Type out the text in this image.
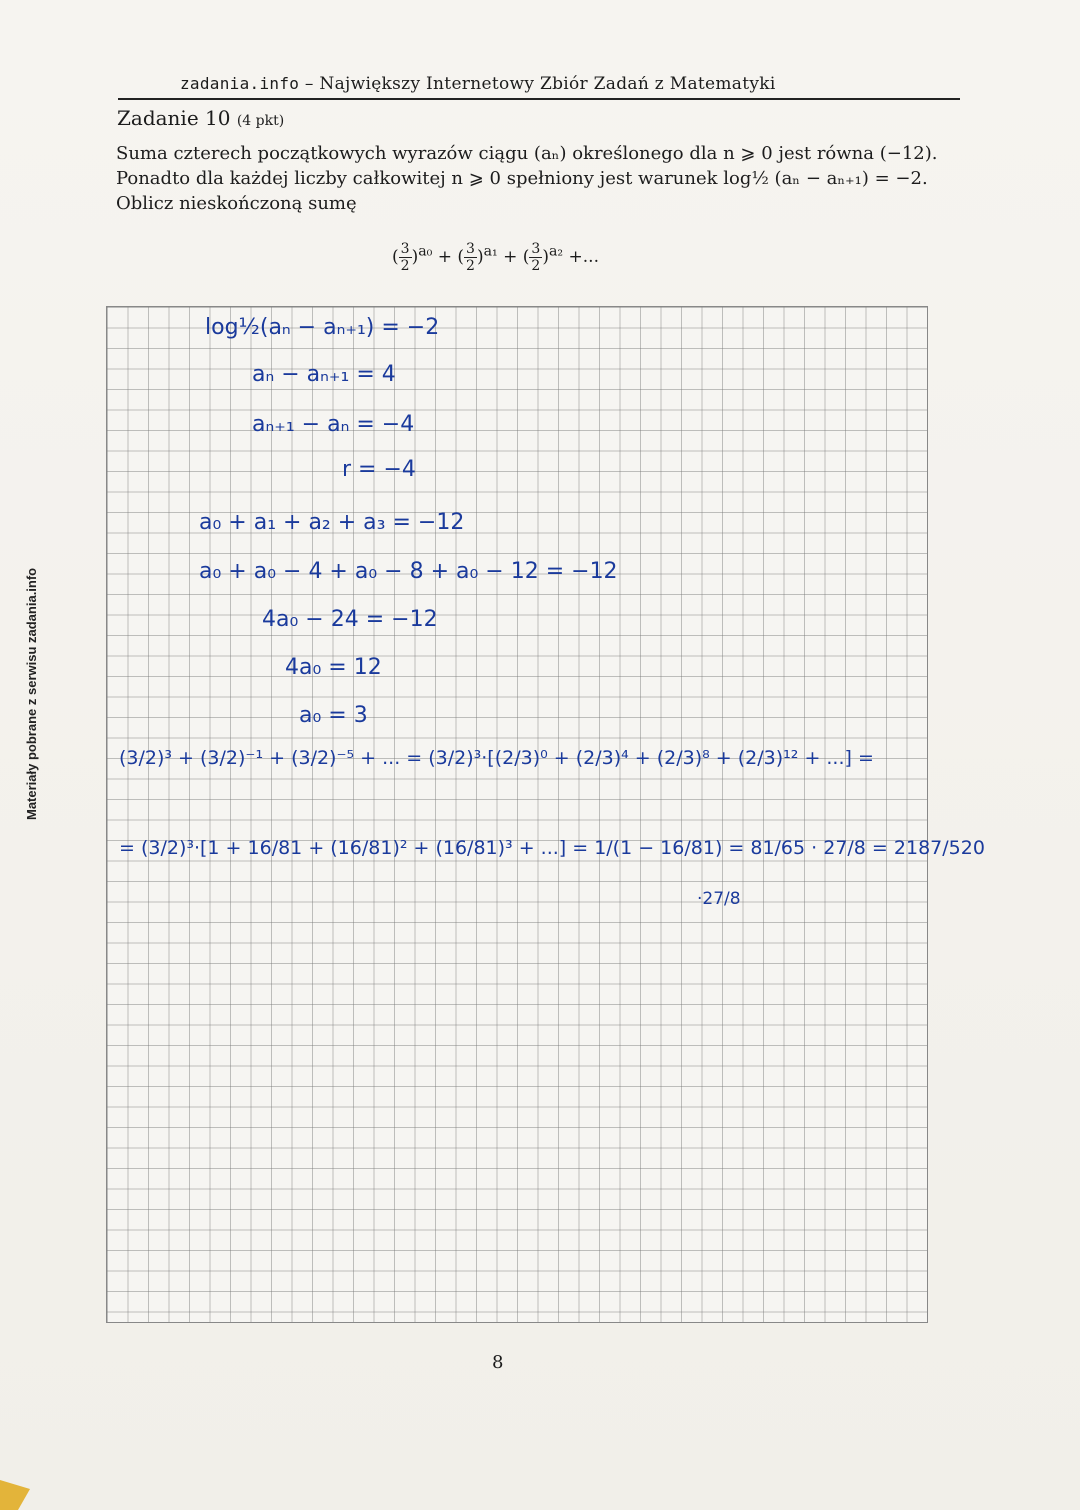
Materiały pobrane z serwisu zadania.info
zadania.info – Największy Internetowy Zbiór Zadań z Matematyki
Zadanie 10 (4 pkt)

Suma czterech początkowych wyrazów ciągu (aₙ) określonego dla n ⩾ 0 jest równa (−12).

Ponadto dla każdej liczby całkowitej n ⩾ 0 spełniony jest warunek log½ (aₙ − aₙ₊₁) = −2.

Oblicz nieskończoną sumę

( $\frac{3}{2} )^{a_0}$ + ( $\frac{3}{2} )^{a_1}$ + ( $\frac{3}{2} )^{a_2}$ +...
log½(aₙ − aₙ₊₁) = −2
aₙ − aₙ₊₁ = 4
aₙ₊₁ − aₙ = −4
r = −4
a₀ + a₁ + a₂ + a₃ = −12
a₀ + a₀ − 4 + a₀ − 8 + a₀ − 12 = −12
4a₀ − 24 = −12
4a₀ = 12
a₀ = 3
(3/2)³ + (3/2)⁻¹ + (3/2)⁻⁵ + ... = (3/2)³·[(2/3)⁰ + (2/3)⁴ + (2/3)⁸ + (2/3)¹² + ...] =
= (3/2)³·[1 + 16/81 + (16/81)² + (16/81)³ + ...] = 1/(1 − 16/81) = 81/65 · 27/8 = 2187/520
·27/8
8
